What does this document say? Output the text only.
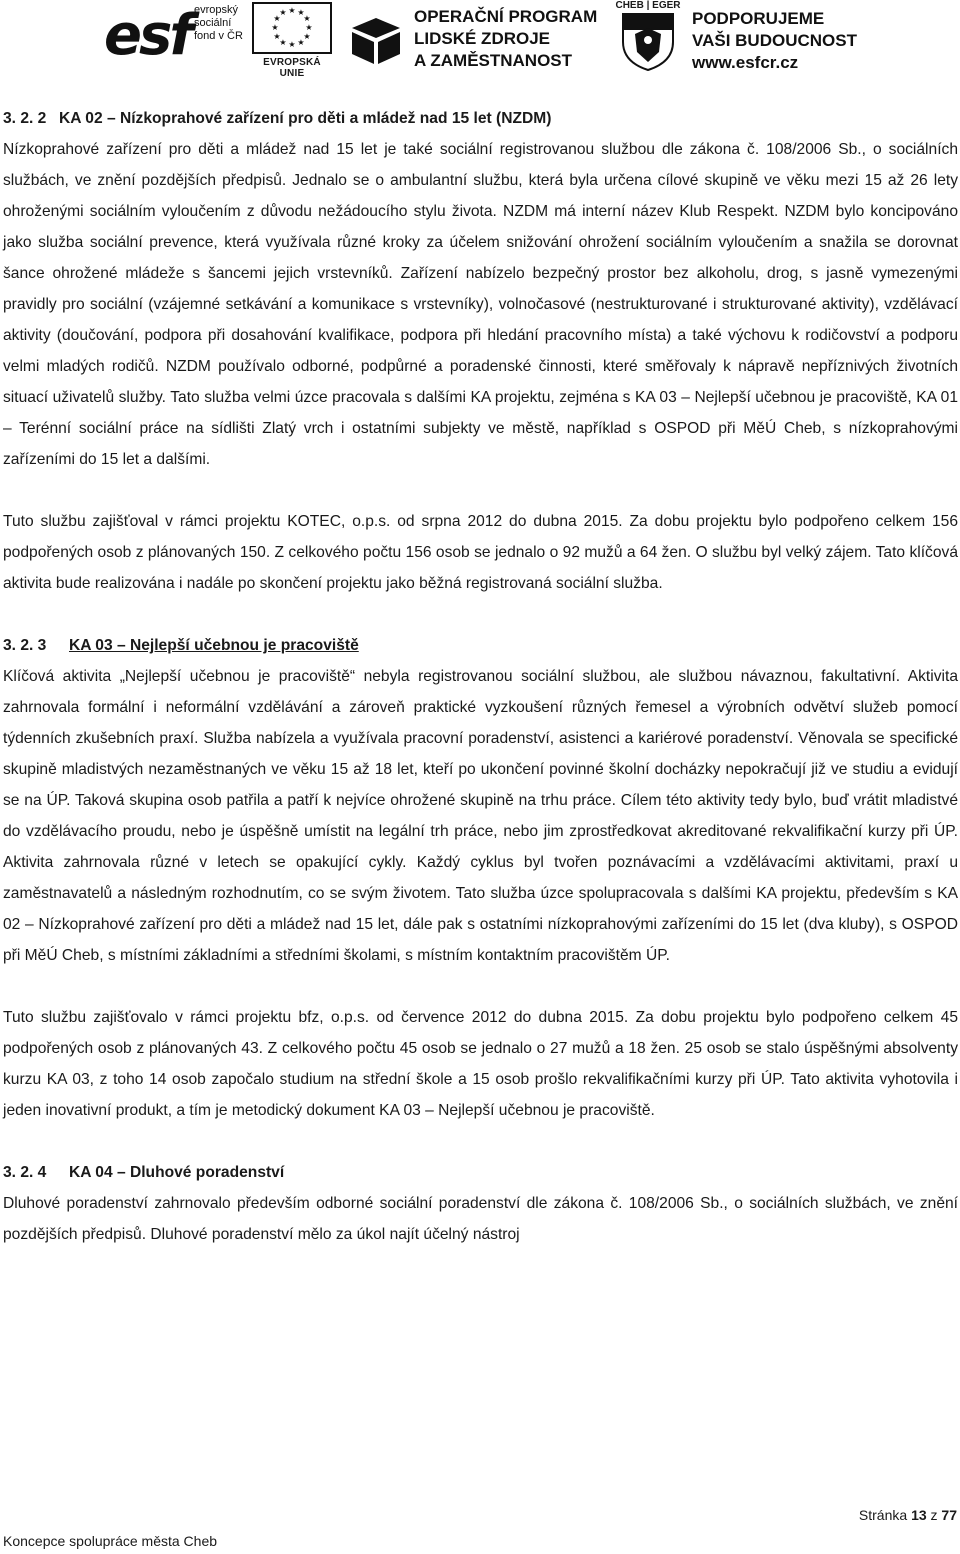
esf evropský
sociální
fond v ČR
★ ★
★
★
★
★
★
★
★
★
★
★
EVROPSKÁ UNIE
OPERAČNÍ PROGRAM
LIDSKÉ ZDROJE
A ZAMĚSTNANOST
CHEB | EGER
PODPORUJEME
VAŠI BUDOUCNOST
www.esfcr.cz

3. 2. 2 KA 02 – Nízkoprahové zařízení pro děti a mládež nad 15 let (NZDM)

Nízkoprahové zařízení pro děti a mládež nad 15 let je také sociální registrovanou službou dle zákona č. 108/2006 Sb., o sociálních službách, ve znění pozdějších předpisů. Jednalo se o ambulantní službu, která byla určena cílové skupině ve věku mezi 15 až 26 lety ohroženými sociálním vyloučením z důvodu nežádoucího stylu života. NZDM má interní název Klub Respekt. NZDM bylo koncipováno jako služba sociální prevence, která využívala různé kroky za účelem snižování ohrožení sociálním vyloučením a snažila se dorovnat šance ohrožené mládeže s šancemi jejich vrstevníků. Zařízení nabízelo bezpečný prostor bez alkoholu, drog, s jasně vymezenými pravidly pro sociální (vzájemné setkávání a komunikace s vrstevníky), volnočasové (nestrukturované i strukturované aktivity), vzdělávací aktivity (doučování, podpora při dosahování kvalifikace, podpora při hledání pracovního místa) a také výchovu k rodičovství a podporu velmi mladých rodičů. NZDM používalo odborné, podpůrné a poradenské činnosti, které směřovaly k nápravě nepříznivých životních situací uživatelů služby. Tato služba velmi úzce pracovala s dalšími KA projektu, zejména s KA 03 – Nejlepší učebnou je pracoviště, KA 01 – Terénní sociální práce na sídlišti Zlatý vrch i ostatními subjekty ve městě, například s OSPOD při MěÚ Cheb, s nízkoprahovými zařízeními do 15 let a dalšími.

Tuto službu zajišťoval v rámci projektu KOTEC, o.p.s. od srpna 2012 do dubna 2015. Za dobu projektu bylo podpořeno celkem 156 podpořených osob z plánovaných 150. Z celkového počtu 156 osob se jednalo o 92 mužů a 64 žen. O službu byl velký zájem. Tato klíčová aktivita bude realizována i nadále po skončení projektu jako běžná registrovaná sociální služba.

3. 2. 3 KA 03 – Nejlepší učebnou je pracoviště

Klíčová aktivita „Nejlepší učebnou je pracoviště“ nebyla registrovanou sociální službou, ale službou návaznou, fakultativní. Aktivita zahrnovala formální i neformální vzdělávání a zároveň praktické vyzkoušení různých řemesel a výrobních odvětví služeb pomocí týdenních zkušebních praxí. Služba nabízela a využívala pracovní poradenství, asistenci a kariérové poradenství. Věnovala se specifické skupině mladistvých nezaměstnaných ve věku 15 až 18 let, kteří po ukončení povinné školní docházky nepokračují již ve studiu a evidují se na ÚP. Taková skupina osob patřila a patří k nejvíce ohrožené skupině na trhu práce. Cílem této aktivity tedy bylo, buď vrátit mladistvé do vzdělávacího proudu, nebo je úspěšně umístit na legální trh práce, nebo jim zprostředkovat akreditované rekvalifikační kurzy při ÚP. Aktivita zahrnovala různé v letech se opakující cykly. Každý cyklus byl tvořen poznávacími a vzdělávacími aktivitami, praxí u zaměstnavatelů a následným rozhodnutím, co se svým životem. Tato služba úzce spolupracovala s dalšími KA projektu, především s KA 02 – Nízkoprahové zařízení pro děti a mládež nad 15 let, dále pak s ostatními nízkoprahovými zařízeními do 15 let (dva kluby), s OSPOD při MěÚ Cheb, s místními základními a středními školami, s místním kontaktním pracovištěm ÚP.

Tuto službu zajišťovalo v rámci projektu bfz, o.p.s. od července 2012 do dubna 2015. Za dobu projektu bylo podpořeno celkem 45 podpořených osob z plánovaných 43. Z celkového počtu 45 osob se jednalo o 27 mužů a 18 žen. 25 osob se stalo úspěšnými absolventy kurzu KA 03, z toho 14 osob započalo studium na střední škole a 15 osob prošlo rekvalifikačními kurzy při ÚP. Tato aktivita vyhotovila i jeden inovativní produkt, a tím je metodický dokument KA 03 – Nejlepší učebnou je pracoviště.

3. 2. 4 KA 04 – Dluhové poradenství

Dluhové poradenství zahrnovalo především odborné sociální poradenství dle zákona č. 108/2006 Sb., o sociálních službách, ve znění pozdějších předpisů. Dluhové poradenství mělo za úkol najít účelný nástroj

Stránka 13 z 77
Koncepce spolupráce města Cheb
